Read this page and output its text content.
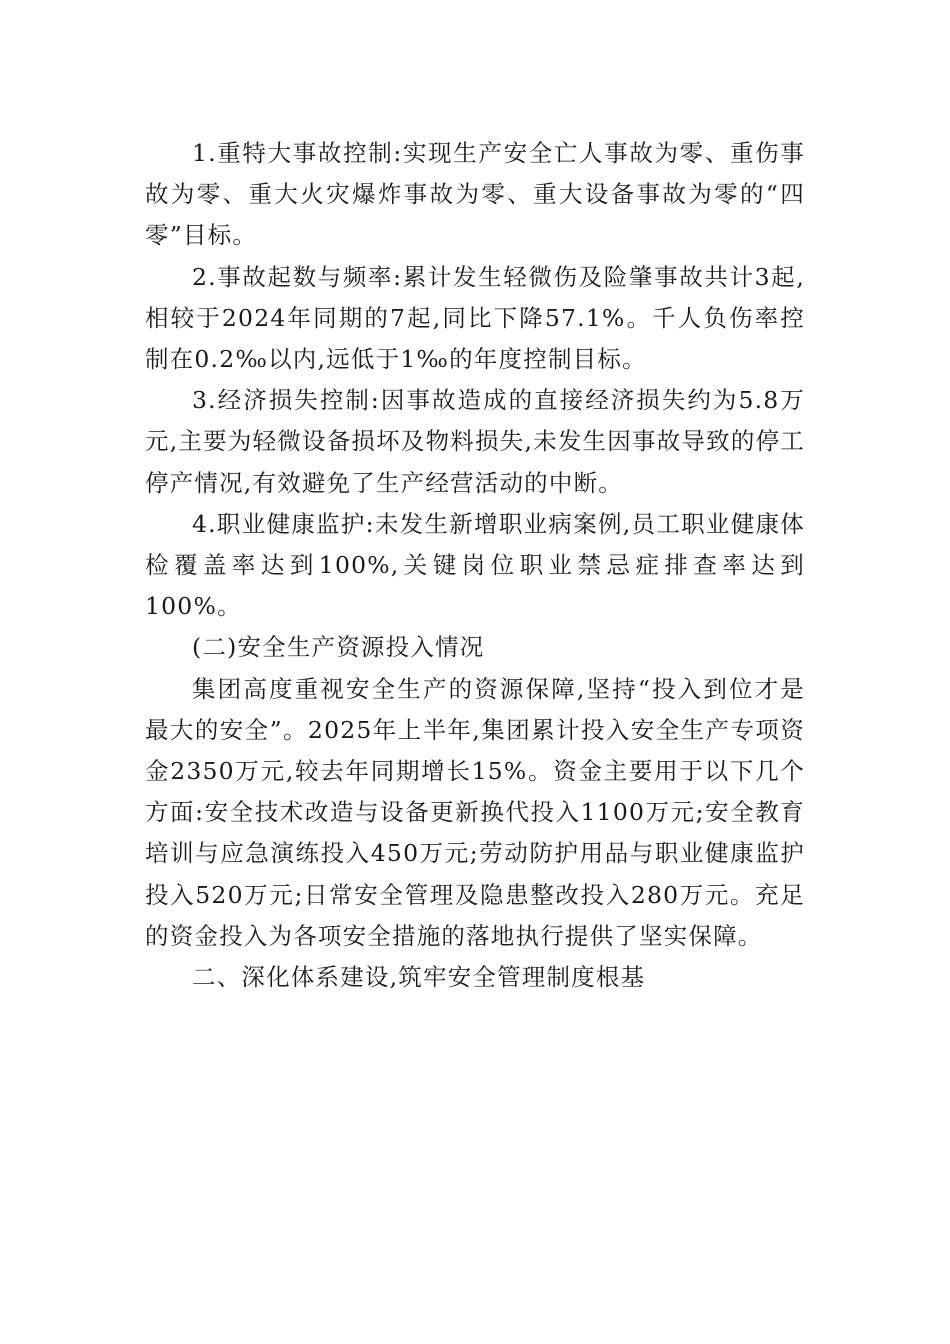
1.重特大事故控制:实现生产安全亡人事故为零、重伤事故为零、重大火灾爆炸事故为零、重大设备事故为零的“四零”目标。

2.事故起数与频率:累计发生轻微伤及险肇事故共计3起,相较于2024年同期的7起,同比下降57.1%。千人负伤率控制在0.2‰以内,远低于1‰的年度控制目标。

3.经济损失控制:因事故造成的直接经济损失约为5.8万元,主要为轻微设备损坏及物料损失,未发生因事故导致的停工停产情况,有效避免了生产经营活动的中断。

4.职业健康监护:未发生新增职业病案例,员工职业健康体检覆盖率达到100%,关键岗位职业禁忌症排查率达到100%。

(二)安全生产资源投入情况

集团高度重视安全生产的资源保障,坚持“投入到位才是最大的安全”。2025年上半年,集团累计投入安全生产专项资金2350万元,较去年同期增长15%。资金主要用于以下几个方面:安全技术改造与设备更新换代投入1100万元;安全教育培训与应急演练投入450万元;劳动防护用品与职业健康监护投入520万元;日常安全管理及隐患整改投入280万元。充足的资金投入为各项安全措施的落地执行提供了坚实保障。

二、深化体系建设,筑牢安全管理制度根基
